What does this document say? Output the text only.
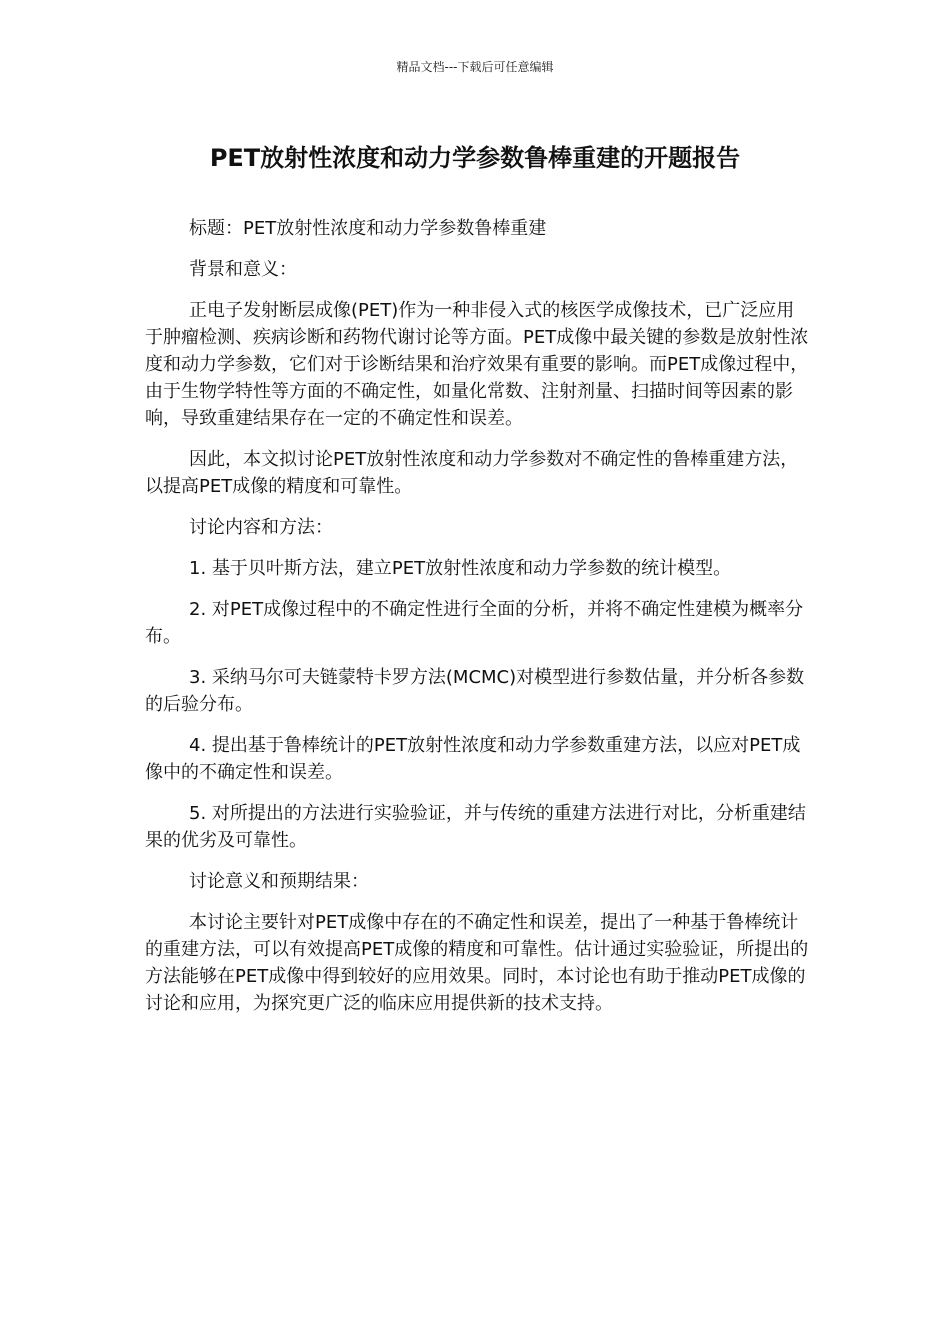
精品文档---下载后可任意编辑
PET放射性浓度和动力学参数鲁棒重建的开题报告

标题：PET放射性浓度和动力学参数鲁棒重建

背景和意义：

正电子发射断层成像(PET)作为一种非侵入式的核医学成像技术，已广泛应用于肿瘤检测、疾病诊断和药物代谢讨论等方面。PET成像中最关键的参数是放射性浓度和动力学参数，它们对于诊断结果和治疗效果有重要的影响。而PET成像过程中，由于生物学特性等方面的不确定性，如量化常数、注射剂量、扫描时间等因素的影响，导致重建结果存在一定的不确定性和误差。

因此，本文拟讨论PET放射性浓度和动力学参数对不确定性的鲁棒重建方法，以提高PET成像的精度和可靠性。

讨论内容和方法：

1. 基于贝叶斯方法，建立PET放射性浓度和动力学参数的统计模型。

2. 对PET成像过程中的不确定性进行全面的分析，并将不确定性建模为概率分布。

3. 采纳马尔可夫链蒙特卡罗方法(MCMC)对模型进行参数估量，并分析各参数的后验分布。

4. 提出基于鲁棒统计的PET放射性浓度和动力学参数重建方法，以应对PET成像中的不确定性和误差。

5. 对所提出的方法进行实验验证，并与传统的重建方法进行对比，分析重建结果的优劣及可靠性。

讨论意义和预期结果：

本讨论主要针对PET成像中存在的不确定性和误差，提出了一种基于鲁棒统计的重建方法，可以有效提高PET成像的精度和可靠性。估计通过实验验证，所提出的方法能够在PET成像中得到较好的应用效果。同时，本讨论也有助于推动PET成像的讨论和应用，为探究更广泛的临床应用提供新的技术支持。
